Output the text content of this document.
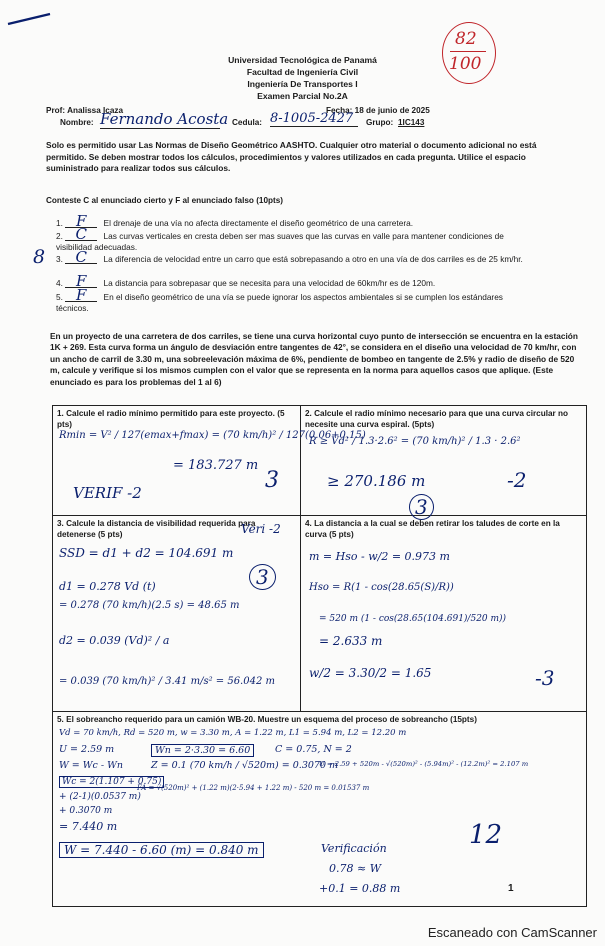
Universidad Tecnológica de Panamá
Facultad de Ingeniería Civil
Ingeniería De Transportes I
Examen Parcial No.2A
82
100
Prof: Analissa Icaza	Fecha: 18 de junio de 2025
Nombre: Fernando Acosta Cedula: 8-1005-2427	Grupo: 1IC143
Solo es permitido usar Las Normas de Diseño Geométrico AASHTO. Cualquier otro material o documento adicional no está permitido. Se deben mostrar todos los cálculos, procedimientos y valores utilizados en cada pregunta. Utilice el espacio suministrado para realizar todos sus cálculos.
Conteste C al enunciado cierto y F al enunciado falso (10pts)
8
1. F El drenaje de una vía no afecta directamente el diseño geométrico de una carretera.
2. C Las curvas verticales en cresta deben ser mas suaves que las curvas en valle para mantener condiciones de visibilidad adecuadas.
3. C La diferencia de velocidad entre un carro que está sobrepasando a otro en una vía de dos carriles es de 25 km/hr.
4. F La distancia para sobrepasar que se necesita para una velocidad de 60km/hr es de 120m.
5. F En el diseño geométrico de una vía se puede ignorar los aspectos ambientales si se cumplen los estándares técnicos.
En un proyecto de una carretera de dos carriles, se tiene una curva horizontal cuyo punto de intersección se encuentra en la estación 1K + 269. Esta curva forma un ángulo de desviación entre tangentes de 42°, se considera en el diseño una velocidad de 70 km/hr, con un ancho de carril de 3.30 m, una sobreelevación máxima de 6%, pendiente de bombeo en tangente de 2.5% y radio de diseño de 520 m, calcule y verifique si los mismos cumplen con el valor que se representa en la norma para aquellos casos que aplique. (Este enunciado es para los problemas del 1 al 6)
1. Calcule el radio mínimo permitido para este proyecto. (5 pts)
Rmin = V² / 127(emax+fmax) = (70 km/h)² / 127(0.06+0.15)
= 183.727 m
VERIF -2	3
2. Calcule el radio mínimo necesario para que una curva circular no necesite una curva espiral. (5pts)
R ≥ Vd² / 1.3·2.6² = (70 km/h)² / 1.3 · 2.6²
≥ 270.186 m	-2
3
3. Calcule la distancia de visibilidad requerida para detenerse (5 pts)
SSD = d1 + d2 = 104.691 m
d1 = 0.278 Vd (t)
= 0.278 (70 km/h)(2.5 s) = 48.65 m
d2 = 0.039 (Vd)² / a
= 0.039 (70 km/h)² / 3.41 m/s² = 56.042 m
Veri -2
3
4. La distancia a la cual se deben retirar los taludes de corte en la curva (5 pts)
m = Hso - w/2 = 0.973 m
Hso = R(1 - cos(28.65(S)/R))
= 520 m (1 - cos(28.65(104.691)/520 m))
= 2.633 m
w/2 = 3.30/2 = 1.65	-3
5. El sobreancho requerido para un camión WB-20. Muestre un esquema del proceso de sobreancho (15pts)
Vd = 70 km/h, Rd = 520 m, w = 3.30 m, A = 1.22 m, L1 = 5.94 m, L2 = 12.20 m
U = 2.59 m	Wn = 2·3.30 = 6.60	C = 0.75, N = 2
W = Wc - Wn	Z = 0.1 (70 km/h / √520m) = 0.3070 m
Wc = 2(1.107 + 0.75)
+ (2-1)(0.0537 m)
+ 0.3070 m
= 7.440 m
FA = √(520m)² + (1.22 m)(2·5.94 + 1.22 m) - 520 m = 0.01537 m
U = 2.59 + 520m - √(520m)² - (5.94m)² - (12.2m)² = 2.107 m
W = 7.440 - 6.60 (m) = 0.840 m	Verificación
0.78 ≈ W
+0.1 = 0.88 m
12
1
Escaneado con CamScanner
